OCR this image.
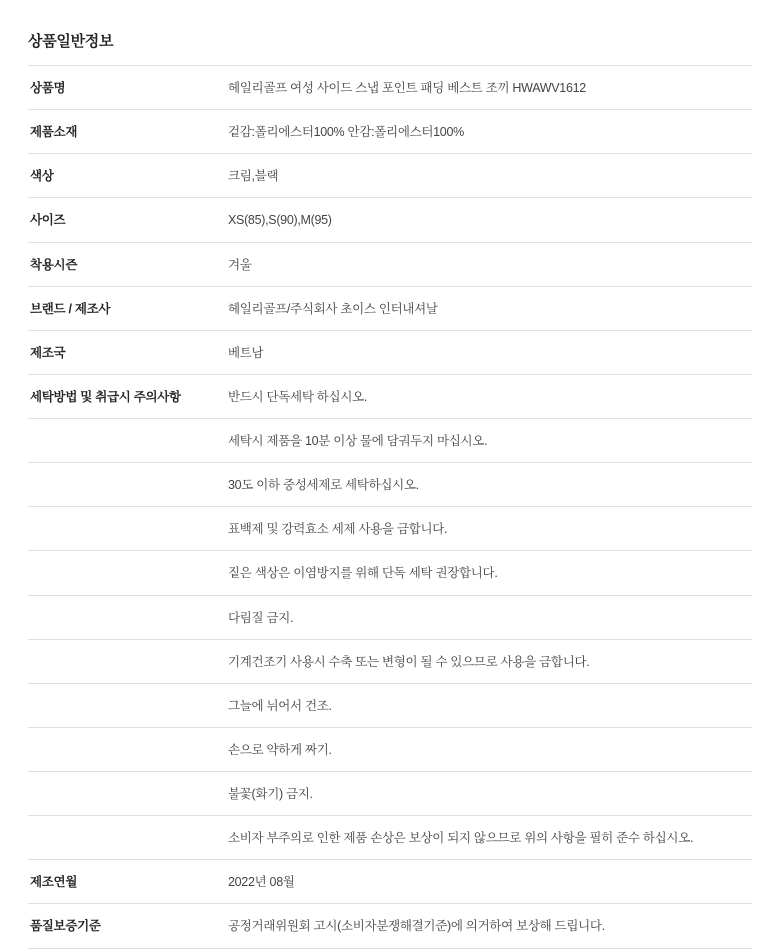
상품일반정보
상품명	헤일리골프 여성 사이드 스냅 포인트 패딩 베스트 조끼 HWAWV1612
제품소재	겉감:폴리에스터100% 안감:폴리에스터100%
색상	크림,블랙
사이즈	XS(85),S(90),M(95)
착용시즌	겨울
브랜드 / 제조사	헤일리골프/주식회사 초이스 인터내셔날
제조국	베트남
세탁방법 및 취급시 주의사항	반드시 단독세탁 하십시오.
	세탁시 제품을 10분 이상 물에 담궈두지 마십시오.
	30도 이하 중성세제로 세탁하십시오.
	표백제 및 강력효소 세제 사용을 금합니다.
	짙은 색상은 이염방지를 위해 단독 세탁 권장합니다.
	다림질 금지.
	기계건조기 사용시 수축 또는 변형이 될 수 있으므로 사용을 금합니다.
	그늘에 뉘어서 건조.
	손으로 약하게 짜기.
	불꽃(화기) 금지.
	소비자 부주의로 인한 제품 손상은 보상이 되지 않으므로 위의 사항을 필히 준수 하십시오.
제조연월	2022년 08월
품질보증기준	공정거래위원회 고시(소비자분쟁해결기준)에 의거하여 보상해 드립니다.
